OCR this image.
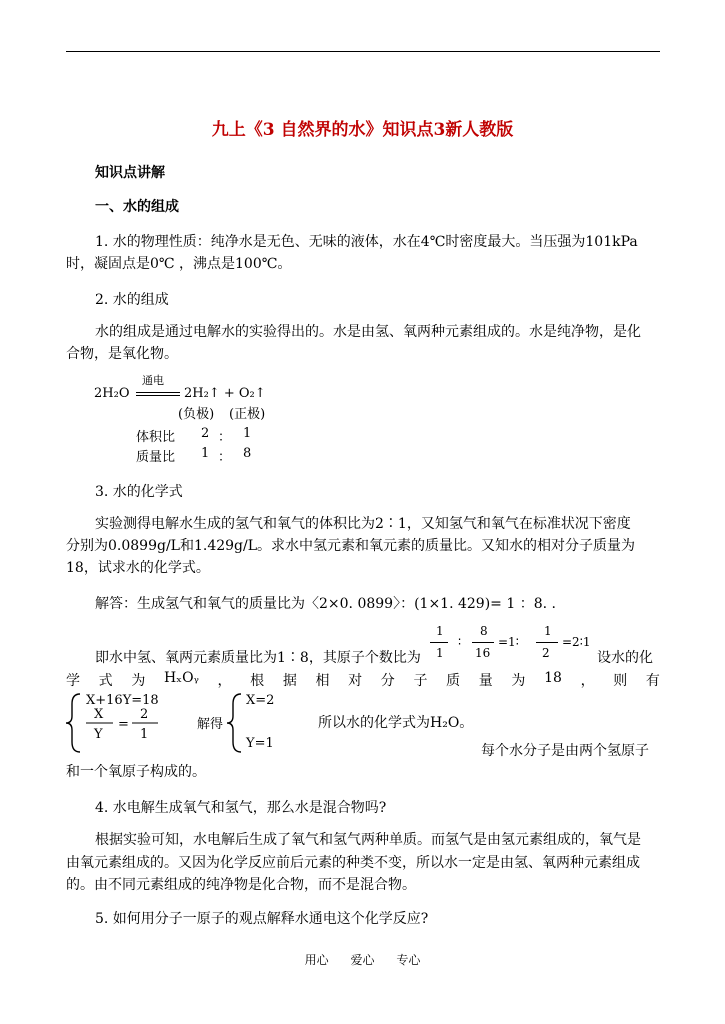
九上《3 自然界的水》知识点3新人教版
知识点讲解
一、水的组成
1. 水的物理性质：纯净水是无色、无味的液体，水在4℃时密度最大。当压强为101kPa
时，凝固点是0℃ ，沸点是100℃。
2. 水的组成
水的组成是通过电解水的实验得出的。水是由氢、氧两种元素组成的。水是纯净物，是化
合物，是氧化物。
2H₂O
通电
2H₂↑ + O₂↑
(负极) (正极)
体积比 2 ： 1
质量比 1 ： 8
3. 水的化学式
实验测得电解水生成的氢气和氧气的体积比为2∶1，又知氢气和氧气在标准状况下密度
分别为0.0899g/L和1.429g/L。求水中氢元素和氧元素的质量比。又知水的相对分子质量为
18，试求水的化学式。
解答：生成氢气和氧气的质量比为〈2×0. 0899〉：(1×1. 429)= 1 ：8. .
即水中氢、氧两元素质量比为1∶8，其原子个数比为
1
1
∶
8
16
=1∶
1
2
=2∶1
设水的化
学 式 为 HₓOᵧ ， 根 据 相 对 分 子 质 量 为 18 ， 则 有
X+16Y=18
X
Y
=
2
1
解得
X=2
Y=1
所以水的化学式为H₂O。
每个水分子是由两个氢原子
和一个氧原子构成的。
4. 水电解生成氧气和氢气，那么水是混合物吗?
根据实验可知，水电解后生成了氧气和氢气两种单质。而氢气是由氢元素组成的，氧气是
由氧元素组成的。又因为化学反应前后元素的种类不变，所以水一定是由氢、氧两种元素组成
的。由不同元素组成的纯净物是化合物，而不是混合物。
5. 如何用分子一原子的观点解释水通电这个化学反应?
用心 爱心 专心
